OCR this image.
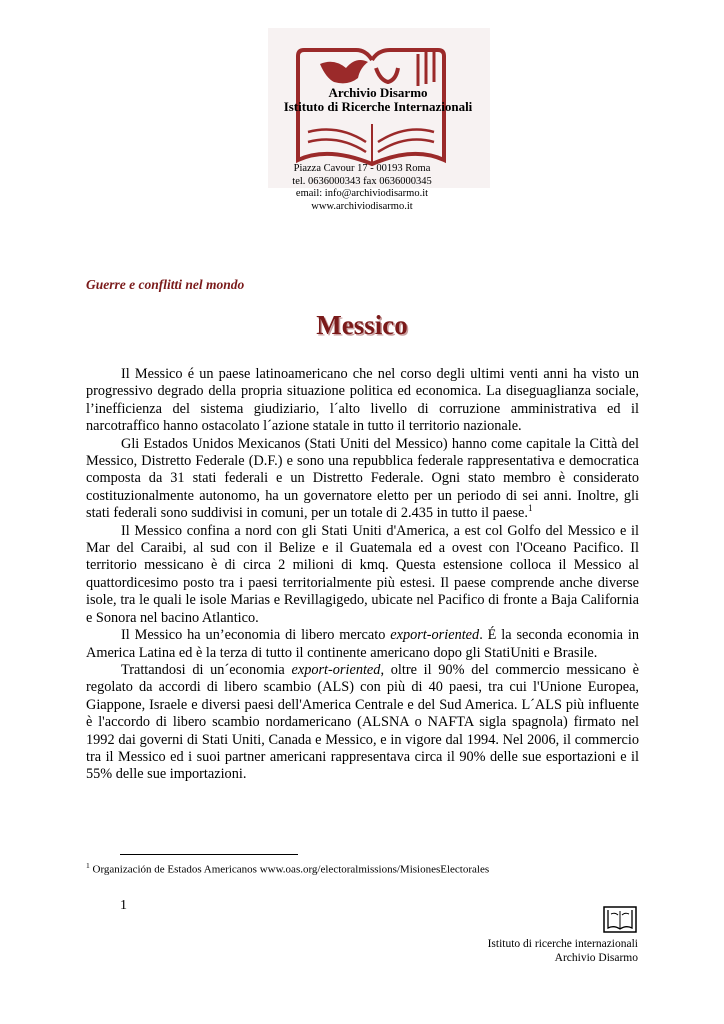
Archivio Disarmo
Istituto di Ricerche Internazionali
Piazza Cavour 17 - 00193 Roma
tel. 0636000343 fax 0636000345
email: info@archiviodisarmo.it
www.archiviodisarmo.it
Guerre e conflitti nel mondo
Messico

Il Messico é un paese latinoamericano che nel corso degli ultimi venti anni ha visto un progressivo degrado della propria situazione politica ed economica. La diseguaglianza sociale, l’inefficienza del sistema giudiziario, l´alto livello di corruzione amministrativa ed il narcotraffico hanno ostacolato l´azione statale in tutto il territorio nazionale.

Gli Estados Unidos Mexicanos (Stati Uniti del Messico) hanno come capitale la Città del Messico, Distretto Federale (D.F.) e sono una repubblica federale rappresentativa e democratica composta da 31 stati federali e un Distretto Federale. Ogni stato membro è considerato costituzionalmente autonomo, ha un governatore eletto per un periodo di sei anni. Inoltre, gli stati federali sono suddivisi in comuni, per un totale di 2.435 in tutto il paese.$^1$

Il Messico confina a nord con gli Stati Uniti d'America, a est col Golfo del Messico e il Mar del Caraibi, al sud con il Belize e il Guatemala ed a ovest con l'Oceano Pacifico. Il territorio messicano è di circa 2 milioni di kmq. Questa estensione colloca il Messico al quattordicesimo posto tra i paesi territorialmente più estesi. Il paese comprende anche diverse isole, tra le quali le isole Marias e Revillagigedo, ubicate nel Pacifico di fronte a Baja California e Sonora nel bacino Atlantico.

Il Messico ha un’economia di libero mercato export-oriented. É la seconda economia in America Latina ed è la terza di tutto il continente americano dopo gli StatiUniti e Brasile.

Trattandosi di un´economia export-oriented, oltre il 90% del commercio messicano è regolato da accordi di libero scambio (ALS) con più di 40 paesi, tra cui l'Unione Europea, Giappone, Israele e diversi paesi dell'America Centrale e del Sud America. L´ALS più influente è l'accordo di libero scambio nordamericano (ALSNA o NAFTA sigla spagnola) firmato nel 1992 dai governi di Stati Uniti, Canada e Messico, e in vigore dal 1994. Nel 2006, il commercio tra il Messico ed i suoi partner americani rappresentava circa il 90% delle sue esportazioni e il 55% delle sue importazioni.

$^1$ Organización de Estados Americanos www.oas.org/electoralmissions/MisionesElectorales
1
Istituto di ricerche internazionali
Archivio Disarmo
